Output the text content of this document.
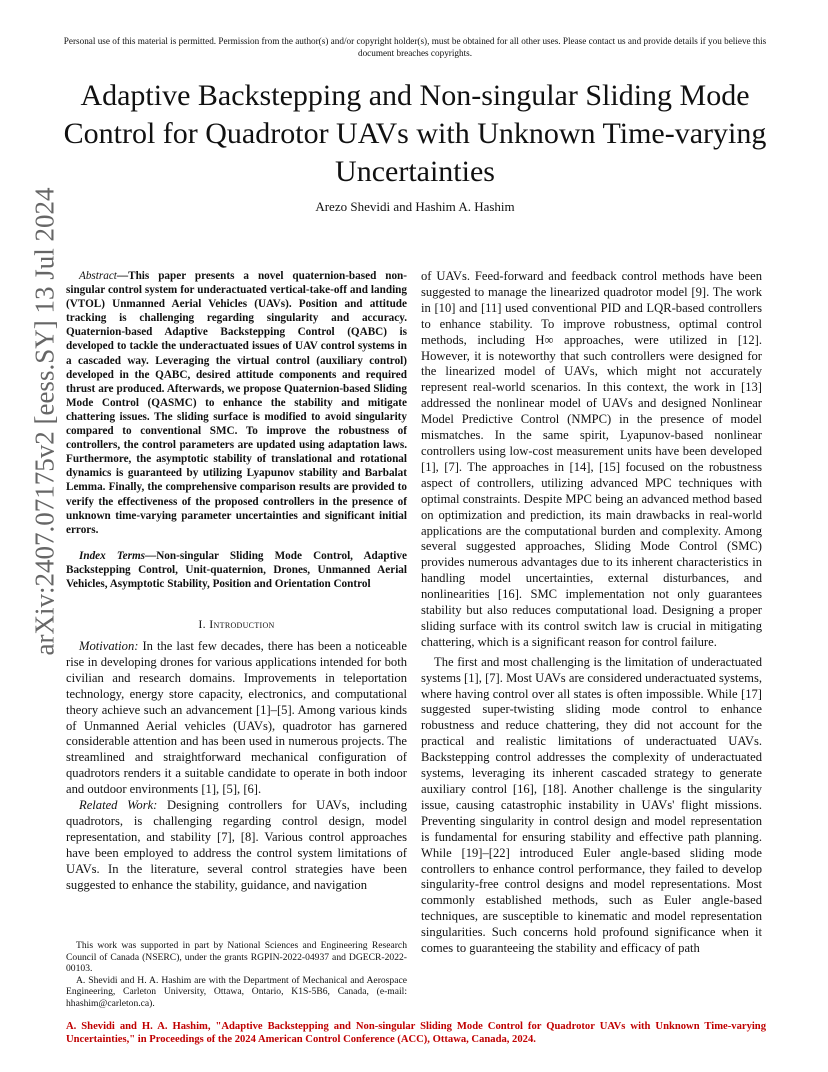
Personal use of this material is permitted. Permission from the author(s) and/or copyright holder(s), must be obtained for all other uses. Please contact us and provide details if you believe this document breaches copyrights.
Adaptive Backstepping and Non-singular Sliding Mode Control for Quadrotor UAVs with Unknown Time-varying Uncertainties
Arezo Shevidi and Hashim A. Hashim
arXiv:2407.07175v2 [eess.SY] 13 Jul 2024	Abstract—This paper presents a novel quaternion-based non-singular control system for underactuated vertical-take-off and landing (VTOL) Unmanned Aerial Vehicles (UAVs). Position and attitude tracking is challenging regarding singularity and accuracy. Quaternion-based Adaptive Backstepping Control (QABC) is developed to tackle the underactuated issues of UAV control systems in a cascaded way. Leveraging the virtual control (auxiliary control) developed in the QABC, desired attitude components and required thrust are produced. Afterwards, we propose Quaternion-based Sliding Mode Control (QASMC) to enhance the stability and mitigate chattering issues. The sliding surface is modified to avoid singularity compared to conventional SMC. To improve the robustness of controllers, the control parameters are updated using adaptation laws. Furthermore, the asymptotic stability of translational and rotational dynamics is guaranteed by utilizing Lyapunov stability and Barbalat Lemma. Finally, the comprehensive comparison results are provided to verify the effectiveness of the proposed controllers in the presence of unknown time-varying parameter uncertainties and significant initial errors.

Index Terms—Non-singular Sliding Mode Control, Adaptive Backstepping Control, Unit-quaternion, Drones, Unmanned Aerial Vehicles, Asymptotic Stability, Position and Orientation Control

I. Introduction

Motivation: In the last few decades, there has been a noticeable rise in developing drones for various applications intended for both civilian and research domains. Improvements in teleportation technology, energy store capacity, electronics, and computational theory achieve such an advancement [1]–[5]. Among various kinds of Unmanned Aerial vehicles (UAVs), quadrotor has garnered considerable attention and has been used in numerous projects. The streamlined and straightforward mechanical configuration of quadrotors renders it a suitable candidate to operate in both indoor and outdoor environments [1], [5], [6].

Related Work: Designing controllers for UAVs, including quadrotors, is challenging regarding control design, model representation, and stability [7], [8]. Various control approaches have been employed to address the control system limitations of UAVs. In the literature, several control strategies have been suggested to enhance the stability, guidance, and navigation

This work was supported in part by National Sciences and Engineering Research Council of Canada (NSERC), under the grants RGPIN-2022-04937 and DGECR-2022-00103.

A. Shevidi and H. A. Hashim are with the Department of Mechanical and Aerospace Engineering, Carleton University, Ottawa, Ontario, K1S-5B6, Canada, (e-mail: hhashim@carleton.ca).

of UAVs. Feed-forward and feedback control methods have been suggested to manage the linearized quadrotor model [9]. The work in [10] and [11] used conventional PID and LQR-based controllers to enhance stability. To improve robustness, optimal control methods, including H∞ approaches, were utilized in [12]. However, it is noteworthy that such controllers were designed for the linearized model of UAVs, which might not accurately represent real-world scenarios. In this context, the work in [13] addressed the nonlinear model of UAVs and designed Nonlinear Model Predictive Control (NMPC) in the presence of model mismatches. In the same spirit, Lyapunov-based nonlinear controllers using low-cost measurement units have been developed [1], [7]. The approaches in [14], [15] focused on the robustness aspect of controllers, utilizing advanced MPC techniques with optimal constraints. Despite MPC being an advanced method based on optimization and prediction, its main drawbacks in real-world applications are the computational burden and complexity. Among several suggested approaches, Sliding Mode Control (SMC) provides numerous advantages due to its inherent characteristics in handling model uncertainties, external disturbances, and nonlinearities [16]. SMC implementation not only guarantees stability but also reduces computational load. Designing a proper sliding surface with its control switch law is crucial in mitigating chattering, which is a significant reason for control failure.

The first and most challenging is the limitation of underactuated systems [1], [7]. Most UAVs are considered underactuated systems, where having control over all states is often impossible. While [17] suggested super-twisting sliding mode control to enhance robustness and reduce chattering, they did not account for the practical and realistic limitations of underactuated UAVs. Backstepping control addresses the complexity of underactuated systems, leveraging its inherent cascaded strategy to generate auxiliary control [16], [18]. Another challenge is the singularity issue, causing catastrophic instability in UAVs' flight missions. Preventing singularity in control design and model representation is fundamental for ensuring stability and effective path planning. While [19]–[22] introduced Euler angle-based sliding mode controllers to enhance control performance, they failed to develop singularity-free control designs and model representations. Most commonly established methods, such as Euler angle-based techniques, are susceptible to kinematic and model representation singularities. Such concerns hold profound significance when it comes to guaranteeing the stability and efficacy of path

A. Shevidi and H. A. Hashim, "Adaptive Backstepping and Non-singular Sliding Mode Control for Quadrotor UAVs with Unknown Time-varying Uncertainties," in Proceedings of the 2024 American Control Conference (ACC), Ottawa, Canada, 2024.
